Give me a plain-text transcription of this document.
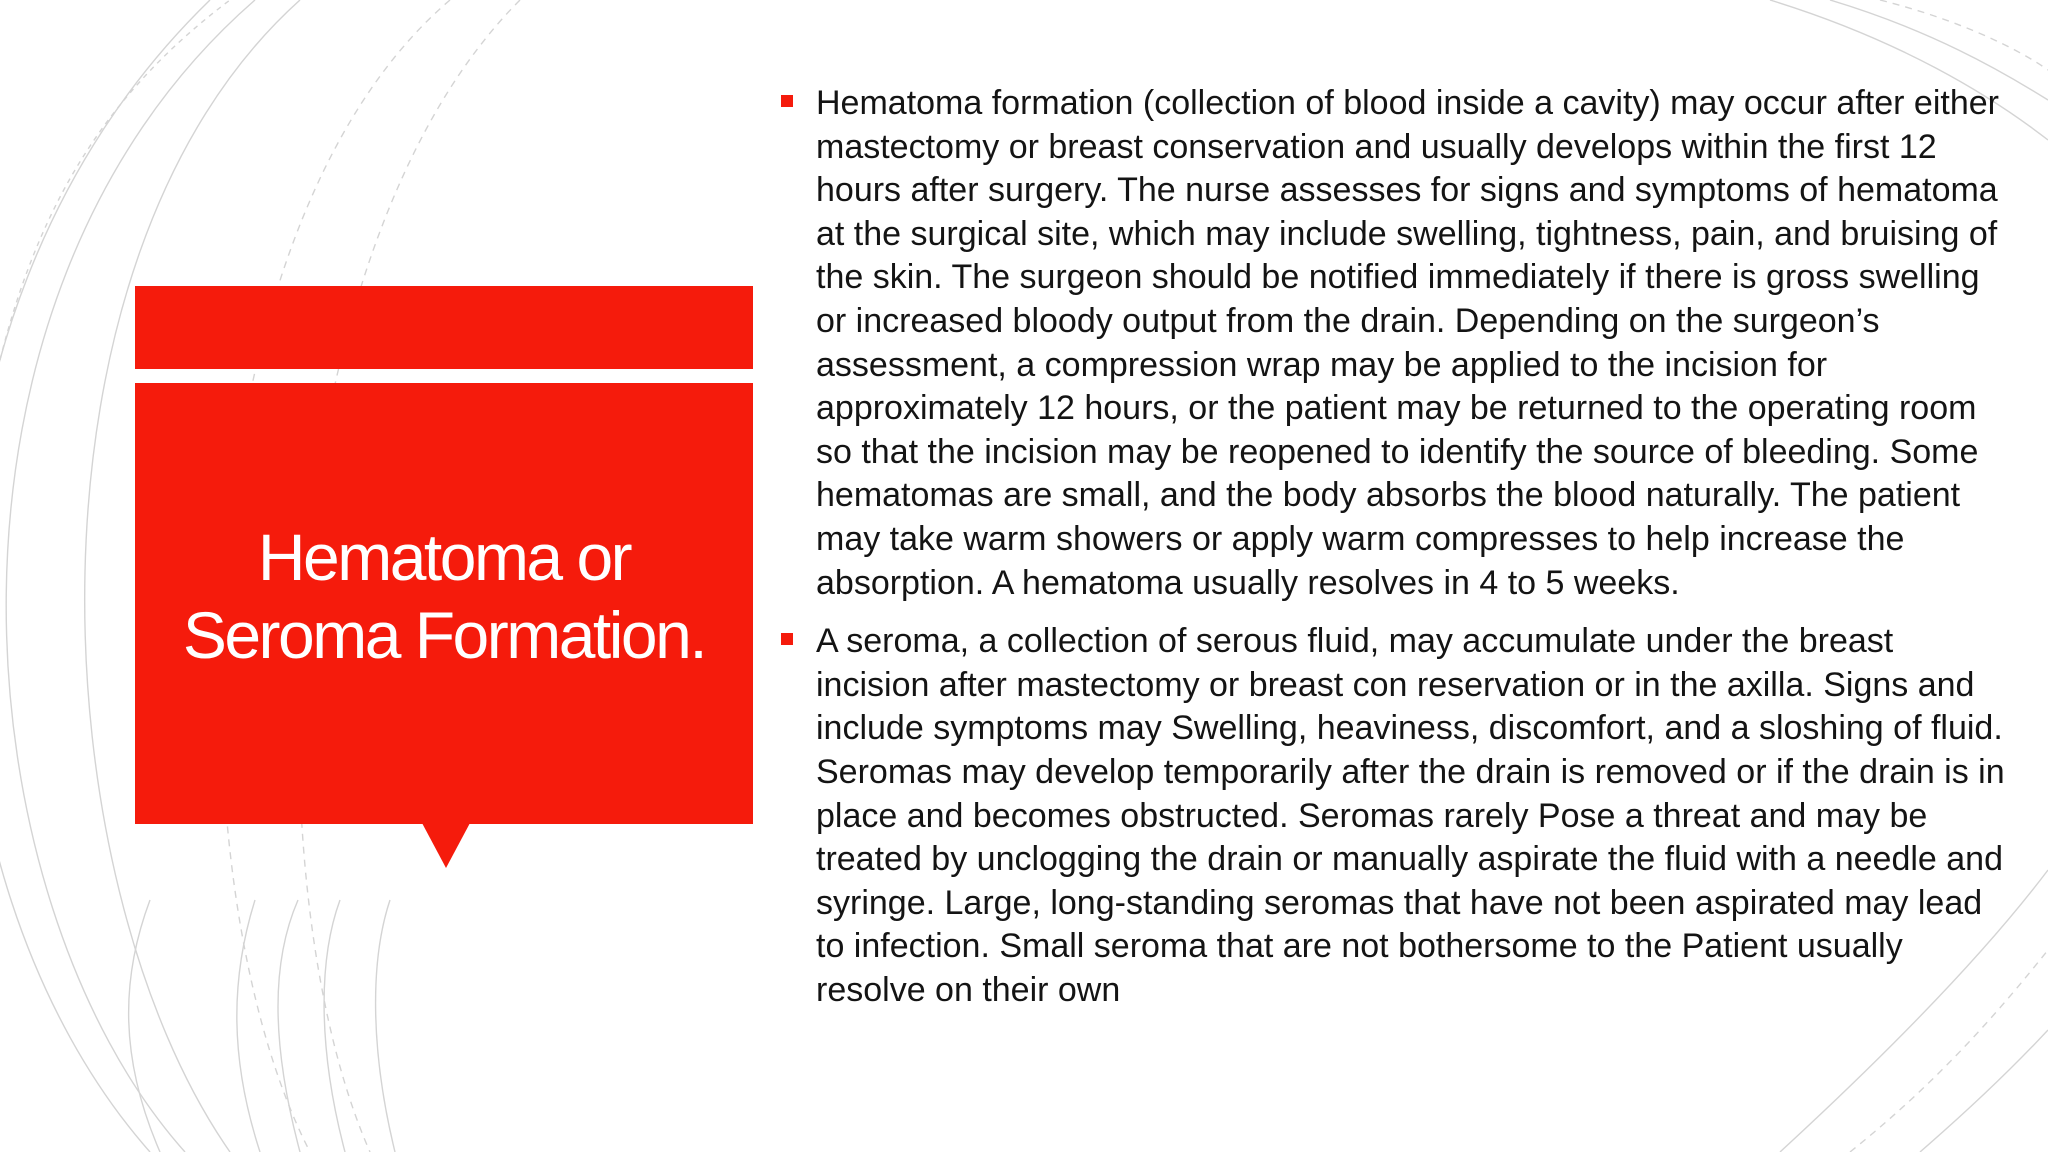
Hematoma or Seroma Formation.
Hematoma formation (collection of blood inside a cavity) may occur after either mastectomy or breast conservation and usually develops within the first 12 hours after surgery. The nurse assesses for signs and symptoms of hematoma at the surgical site, which may include swelling, tightness, pain, and bruising of the skin. The surgeon should be notified immediately if there is gross swelling or increased bloody output from the drain. Depending on the surgeon’s assessment, a compression wrap may be applied to the incision for approximately 12 hours, or the patient may be returned to the operating room so that the incision may be reopened to identify the source of bleeding. Some hematomas are small, and the body absorbs the blood naturally. The patient may take warm showers or apply warm compresses to help increase the absorption. A hematoma usually resolves in 4 to 5 weeks.
A seroma, a collection of serous fluid, may accumulate under the breast incision after mastectomy or breast con reservation or in the axilla. Signs and include symptoms may Swelling, heaviness, discomfort, and a sloshing of fluid. Seromas may develop temporarily after the drain is removed or if the drain is in place and becomes obstructed. Seromas rarely Pose a threat and may be treated by unclogging the drain or manually aspirate the fluid with a needle and syringe. Large, long-standing seromas that have not been aspirated may lead to infection. Small seroma that are not bothersome to the Patient usually resolve on their own
